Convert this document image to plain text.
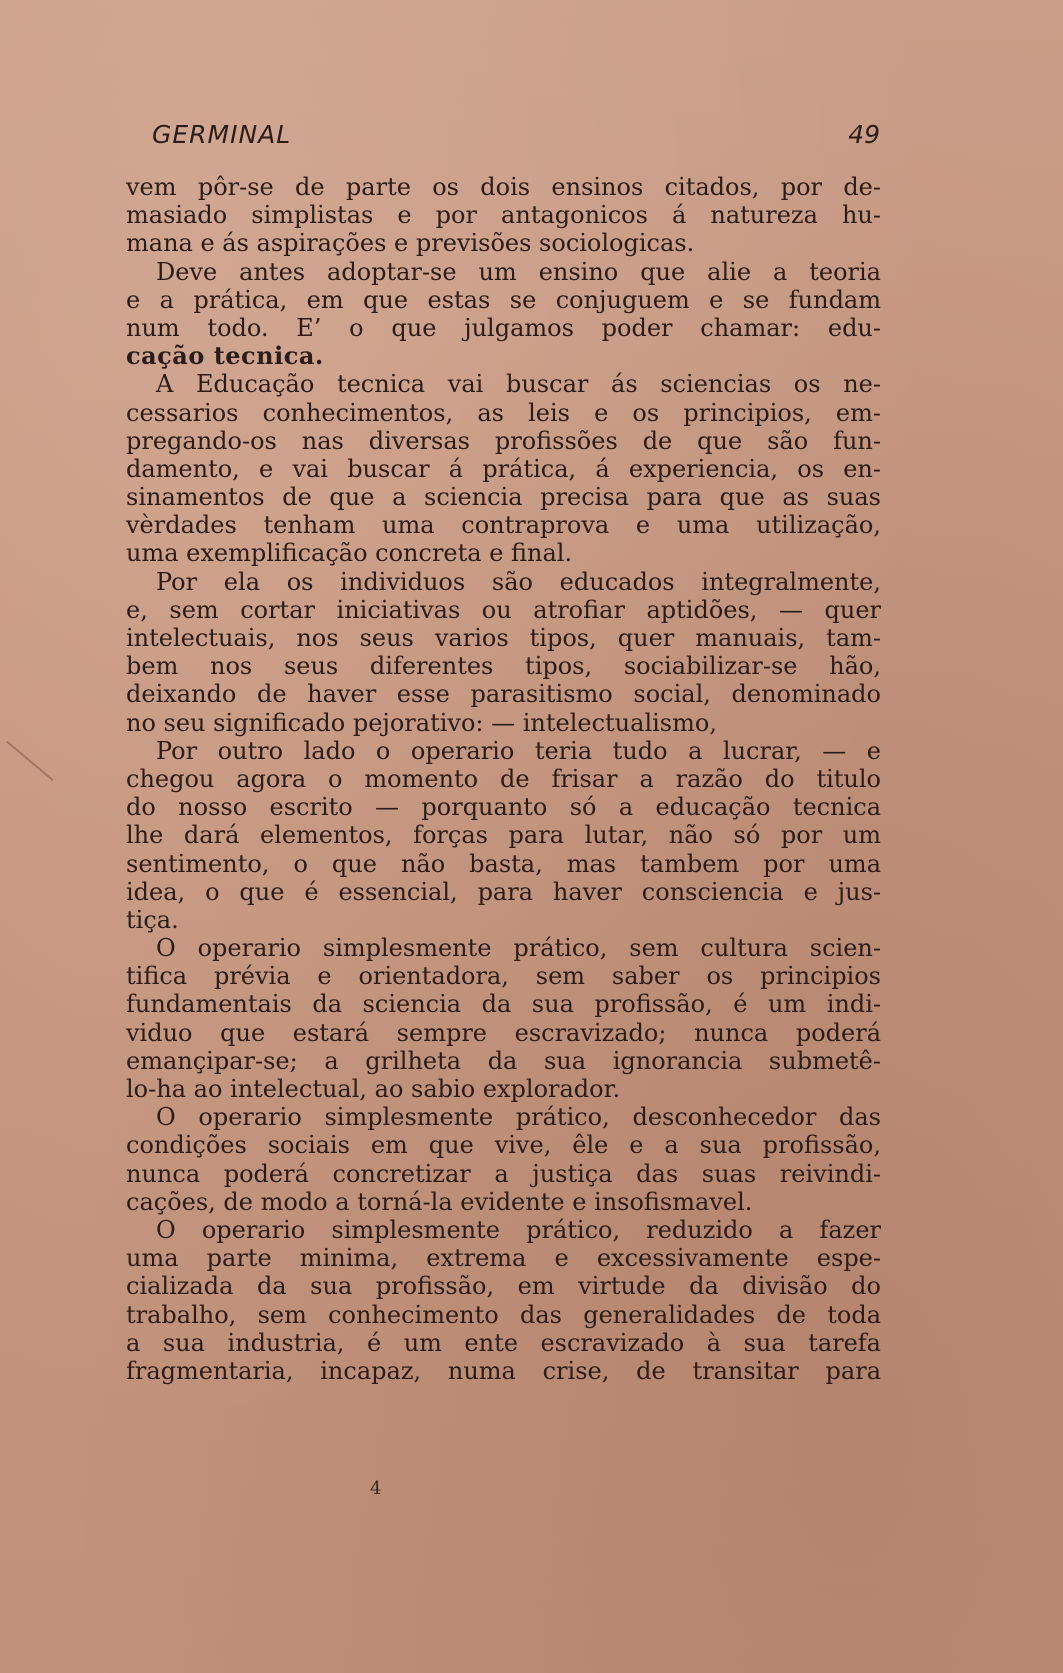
GERMINAL	49
vem pôr-se de parte os dois ensinos citados, por de-
masiado simplistas e por antagonicos á natureza hu-
mana e ás aspirações e previsões sociologicas.
Deve antes adoptar-se um ensino que alie a teoria
e a prática, em que estas se conjuguem e se fundam
num todo. E’ o que julgamos poder chamar: edu-
cação tecnica.
A Educação tecnica vai buscar ás sciencias os ne-
cessarios conhecimentos, as leis e os principios, em-
pregando-os nas diversas profissões de que são fun-
damento, e vai buscar á prática, á experiencia, os en-
sinamentos de que a sciencia precisa para que as suas
vèrdades tenham uma contraprova e uma utilização,
uma exemplificação concreta e final.
Por ela os individuos são educados integralmente,
e, sem cortar iniciativas ou atrofiar aptidões, — quer
intelectuais, nos seus varios tipos, quer manuais, tam-
bem nos seus diferentes tipos, sociabilizar-se hão,
deixando de haver esse parasitismo social, denominado
no seu significado pejorativo: — intelectualismo,
Por outro lado o operario teria tudo a lucrar, — e
chegou agora o momento de frisar a razão do titulo
do nosso escrito — porquanto só a educação tecnica
lhe dará elementos, forças para lutar, não só por um
sentimento, o que não basta, mas tambem por uma
idea, o que é essencial, para haver consciencia e jus-
tiça.
O operario simplesmente prático, sem cultura scien-
tifica prévia e orientadora, sem saber os principios
fundamentais da sciencia da sua profissão, é um indi-
viduo que estará sempre escravizado; nunca poderá
emançipar-se; a grilheta da sua ignorancia submetê-
lo-ha ao intelectual, ao sabio explorador.
O operario simplesmente prático, desconhecedor das
condições sociais em que vive, êle e a sua profissão,
nunca poderá concretizar a justiça das suas reivindi-
cações, de modo a torná-la evidente e insofismavel.
O operario simplesmente prático, reduzido a fazer
uma parte minima, extrema e excessivamente espe-
cializada da sua profissão, em virtude da divisão do
trabalho, sem conhecimento das generalidades de toda
a sua industria, é um ente escravizado à sua tarefa
fragmentaria, incapaz, numa crise, de transitar para
4
